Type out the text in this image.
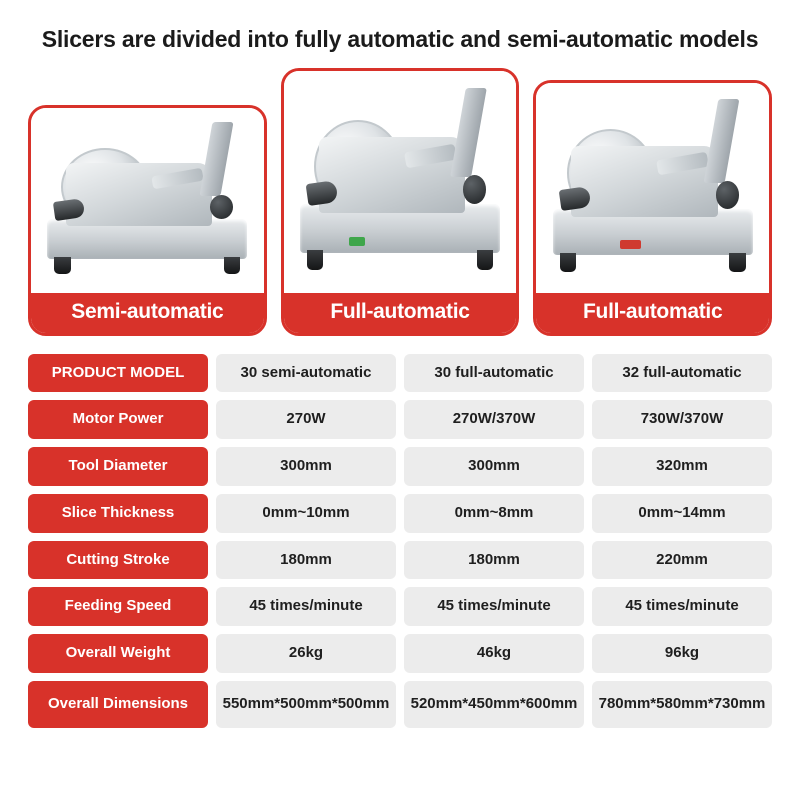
Slicers are divided into fully automatic and semi-automatic models
Semi-automatic	Full-automatic	Full-automatic
PRODUCT MODEL	30 semi-automatic	30 full-automatic	32 full-automatic
Motor Power	270W	270W/370W	730W/370W
Tool Diameter	300mm	300mm	320mm
Slice Thickness	0mm~10mm	0mm~8mm	0mm~14mm
Cutting Stroke	180mm	180mm	220mm
Feeding Speed	45 times/minute	45 times/minute	45 times/minute
Overall Weight	26kg	46kg	96kg
Overall Dimensions	550mm*500mm*500mm	520mm*450mm*600mm	780mm*580mm*730mm
